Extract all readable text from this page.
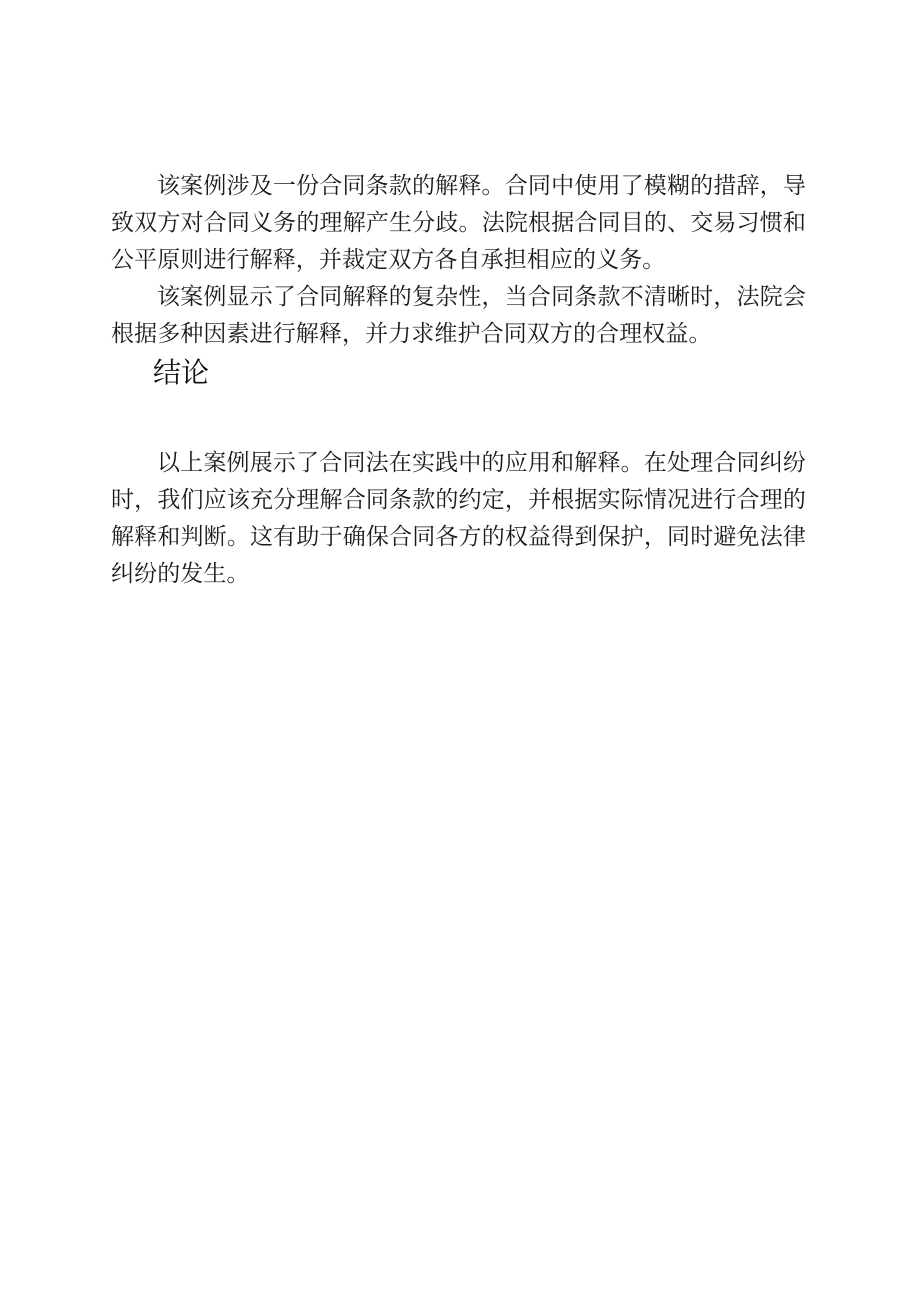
该案例涉及一份合同条款的解释。合同中使用了模糊的措辞，导致双方对合同义务的理解产生分歧。法院根据合同目的、交易习惯和公平原则进行解释，并裁定双方各自承担相应的义务。

该案例显示了合同解释的复杂性，当合同条款不清晰时，法院会根据多种因素进行解释，并力求维护合同双方的合理权益。

结论

以上案例展示了合同法在实践中的应用和解释。在处理合同纠纷时，我们应该充分理解合同条款的约定，并根据实际情况进行合理的解释和判断。这有助于确保合同各方的权益得到保护，同时避免法律纠纷的发生。
